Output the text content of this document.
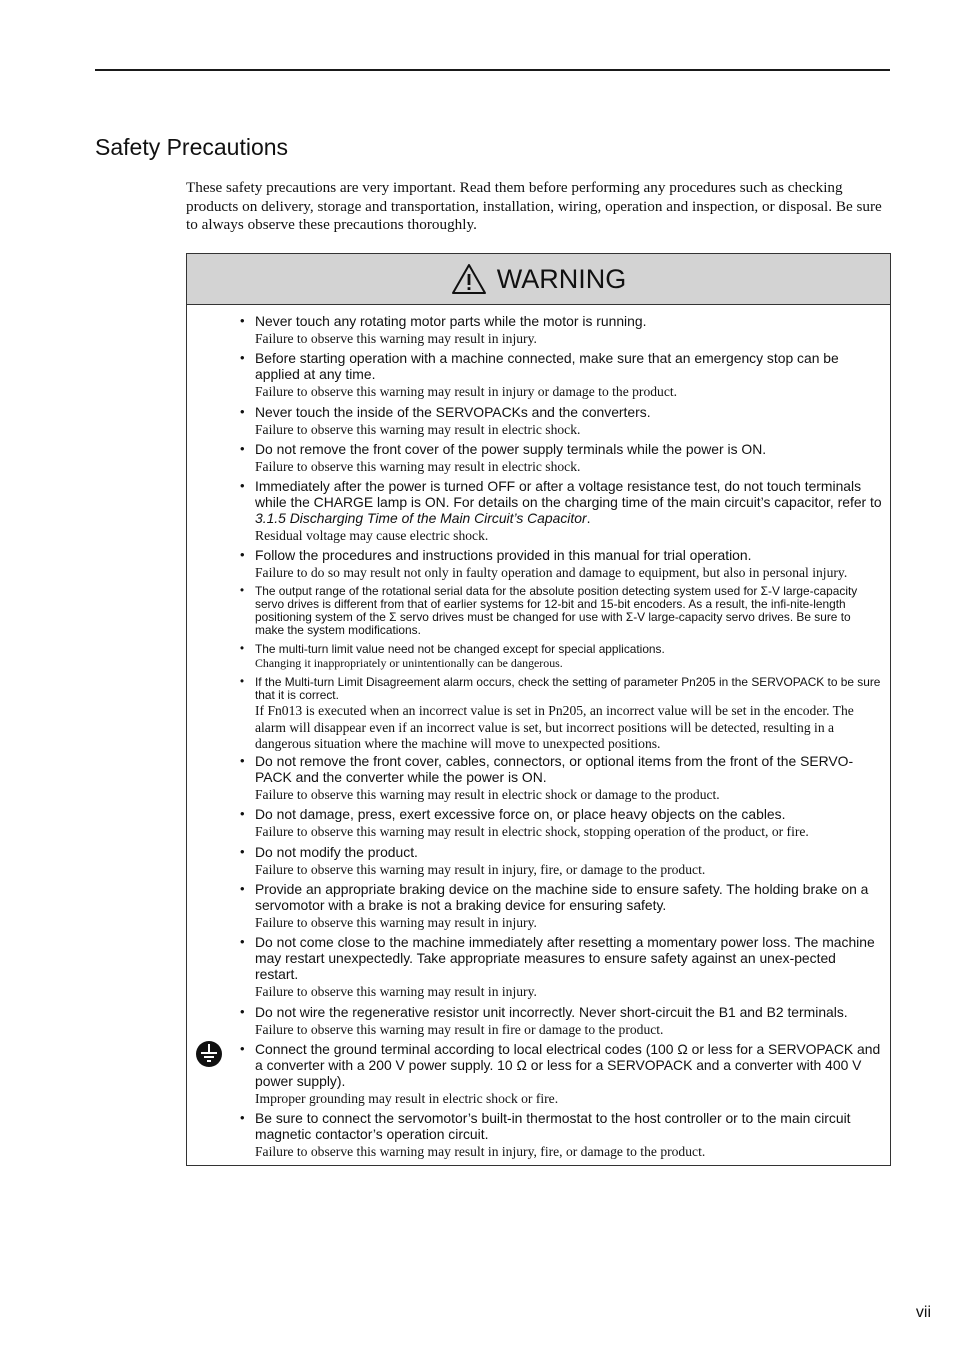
Safety Precautions

These safety precautions are very important. Read them before performing any procedures such as checking products on delivery, storage and transportation, installation, wiring, operation and inspection, or disposal. Be sure to always observe these precautions thoroughly.

WARNING

• Never touch any rotating motor parts while the motor is running.

Failure to observe this warning may result in injury.

• Before starting operation with a machine connected, make sure that an emergency stop can be applied at any time.

Failure to observe this warning may result in injury or damage to the product.

• Never touch the inside of the SERVOPACKs and the converters.

Failure to observe this warning may result in electric shock.

• Do not remove the front cover of the power supply terminals while the power is ON.

Failure to observe this warning may result in electric shock.

• Immediately after the power is turned OFF or after a voltage resistance test, do not touch terminals while the CHARGE lamp is ON. For details on the charging time of the main circuit’s capacitor, refer to 3.1.5 Discharging Time of the Main Circuit’s Capacitor.

Residual voltage may cause electric shock.

• Follow the procedures and instructions provided in this manual for trial operation.

Failure to do so may result not only in faulty operation and damage to equipment, but also in personal injury.

• The output range of the rotational serial data for the absolute position detecting system used for Σ-V large-capacity servo drives is different from that of earlier systems for 12-bit and 15-bit encoders. As a result, the infi-nite-length positioning system of the Σ servo drives must be changed for use with Σ-V large-capacity servo drives. Be sure to make the system modifications.

• The multi-turn limit value need not be changed except for special applications.

Changing it inappropriately or unintentionally can be dangerous.

• If the Multi-turn Limit Disagreement alarm occurs, check the setting of parameter Pn205 in the SERVOPACK to be sure that it is correct.

If Fn013 is executed when an incorrect value is set in Pn205, an incorrect value will be set in the encoder. The alarm will disappear even if an incorrect value is set, but incorrect positions will be detected, resulting in a dangerous situation where the machine will move to unexpected positions.

• Do not remove the front cover, cables, connectors, or optional items from the front of the SERVO-PACK and the converter while the power is ON.

Failure to observe this warning may result in electric shock or damage to the product.

• Do not damage, press, exert excessive force on, or place heavy objects on the cables.

Failure to observe this warning may result in electric shock, stopping operation of the product, or fire.

• Do not modify the product.

Failure to observe this warning may result in injury, fire, or damage to the product.

• Provide an appropriate braking device on the machine side to ensure safety. The holding brake on a servomotor with a brake is not a braking device for ensuring safety.

Failure to observe this warning may result in injury.

• Do not come close to the machine immediately after resetting a momentary power loss. The machine may restart unexpectedly. Take appropriate measures to ensure safety against an unex-pected restart.

Failure to observe this warning may result in injury.

• Do not wire the regenerative resistor unit incorrectly. Never short-circuit the B1 and B2 terminals.

Failure to observe this warning may result in fire or damage to the product.

• Connect the ground terminal according to local electrical codes (100 Ω or less for a SERVOPACK and a converter with a 200 V power supply. 10 Ω or less for a SERVOPACK and a converter with 400 V power supply).

Improper grounding may result in electric shock or fire.

• Be sure to connect the servomotor’s built-in thermostat to the host controller or to the main circuit magnetic contactor’s operation circuit.

Failure to observe this warning may result in injury, fire, or damage to the product.

vii
